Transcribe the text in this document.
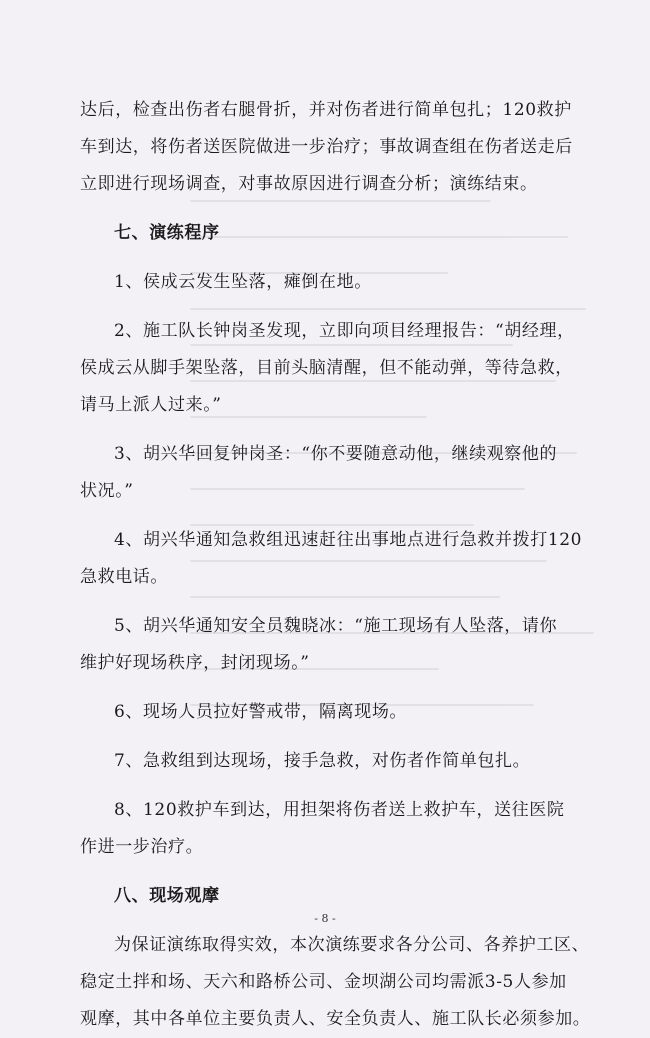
达后，检查出伤者右腿骨折，并对伤者进行简单包扎；120救护
车到达，将伤者送医院做进一步治疗；事故调查组在伤者送走后
立即进行现场调查，对事故原因进行调查分析；演练结束。
七、演练程序
1、侯成云发生坠落，瘫倒在地。
2、施工队长钟岗圣发现，立即向项目经理报告：“胡经理，
侯成云从脚手架坠落，目前头脑清醒，但不能动弹，等待急救，
请马上派人过来。”
3、胡兴华回复钟岗圣：“你不要随意动他，继续观察他的
状况。”
4、胡兴华通知急救组迅速赶往出事地点进行急救并拨打120
急救电话。
5、胡兴华通知安全员魏晓冰：“施工现场有人坠落，请你
维护好现场秩序，封闭现场。”
6、现场人员拉好警戒带，隔离现场。
7、急救组到达现场，接手急救，对伤者作简单包扎。
8、120救护车到达，用担架将伤者送上救护车，送往医院
作进一步治疗。
八、现场观摩
为保证演练取得实效，本次演练要求各分公司、各养护工区、
稳定土拌和场、天六和路桥公司、金坝湖公司均需派3-5人参加
观摩，其中各单位主要负责人、安全负责人、施工队长必须参加。
- 8 -
